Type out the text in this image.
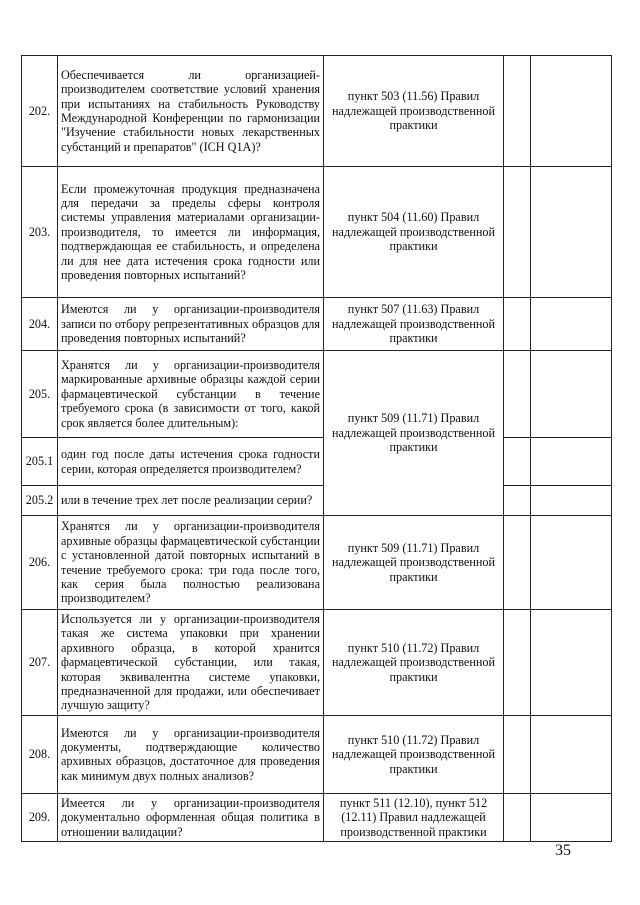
202.	Обеспечивается ли организацией-производителем соответствие условий хранения при испытаниях на стабильность Руководству Международной Конференции по гармонизации "Изучение стабильности новых лекарственных субстанций и препаратов" (ICH Q1A)?	пункт 503 (11.56) Правил надлежащей производственной практики		
203.	Если промежуточная продукция предназначена для передачи за пределы сферы контроля системы управления материалами организации-производителя, то имеется ли информация, подтверждающая ее стабильность, и определена ли для нее дата истечения срока годности или проведения повторных испытаний?	пункт 504 (11.60) Правил надлежащей производственной практики		
204.	Имеются ли у организации-производителя записи по отбору репрезентативных образцов для проведения повторных испытаний?	пункт 507 (11.63) Правил надлежащей производственной практики		
205.	Хранятся ли у организации-производителя маркированные архивные образцы каждой серии фармацевтической субстанции в течение требуемого срока (в зависимости от того, какой срок является более длительным):	пункт 509 (11.71) Правил надлежащей производственной практики		
205.1	один год после даты истечения срока годности серии, которая определяется производителем?			
205.2	или в течение трех лет после реализации серии?			
206.	Хранятся ли у организации-производителя архивные образцы фармацевтической субстанции с установленной датой повторных испытаний в течение требуемого срока: три года после того, как серия была полностью реализована производителем?	пункт 509 (11.71) Правил надлежащей производственной практики		
207.	Используется ли у организации-производителя такая же система упаковки при хранении архивного образца, в которой хранится фармацевтической субстанции, или такая, которая эквивалентна системе упаковки, предназначенной для продажи, или обеспечивает лучшую защиту?	пункт 510 (11.72) Правил надлежащей производственной практики		
208.	Имеются ли у организации-производителя документы, подтверждающие количество архивных образцов, достаточное для проведения как минимум двух полных анализов?	пункт 510 (11.72) Правил надлежащей производственной практики		
209.	Имеется ли у организации-производителя документально оформленная общая политика в отношении валидации?	пункт 511 (12.10), пункт 512 (12.11) Правил надлежащей производственной практики		
35
